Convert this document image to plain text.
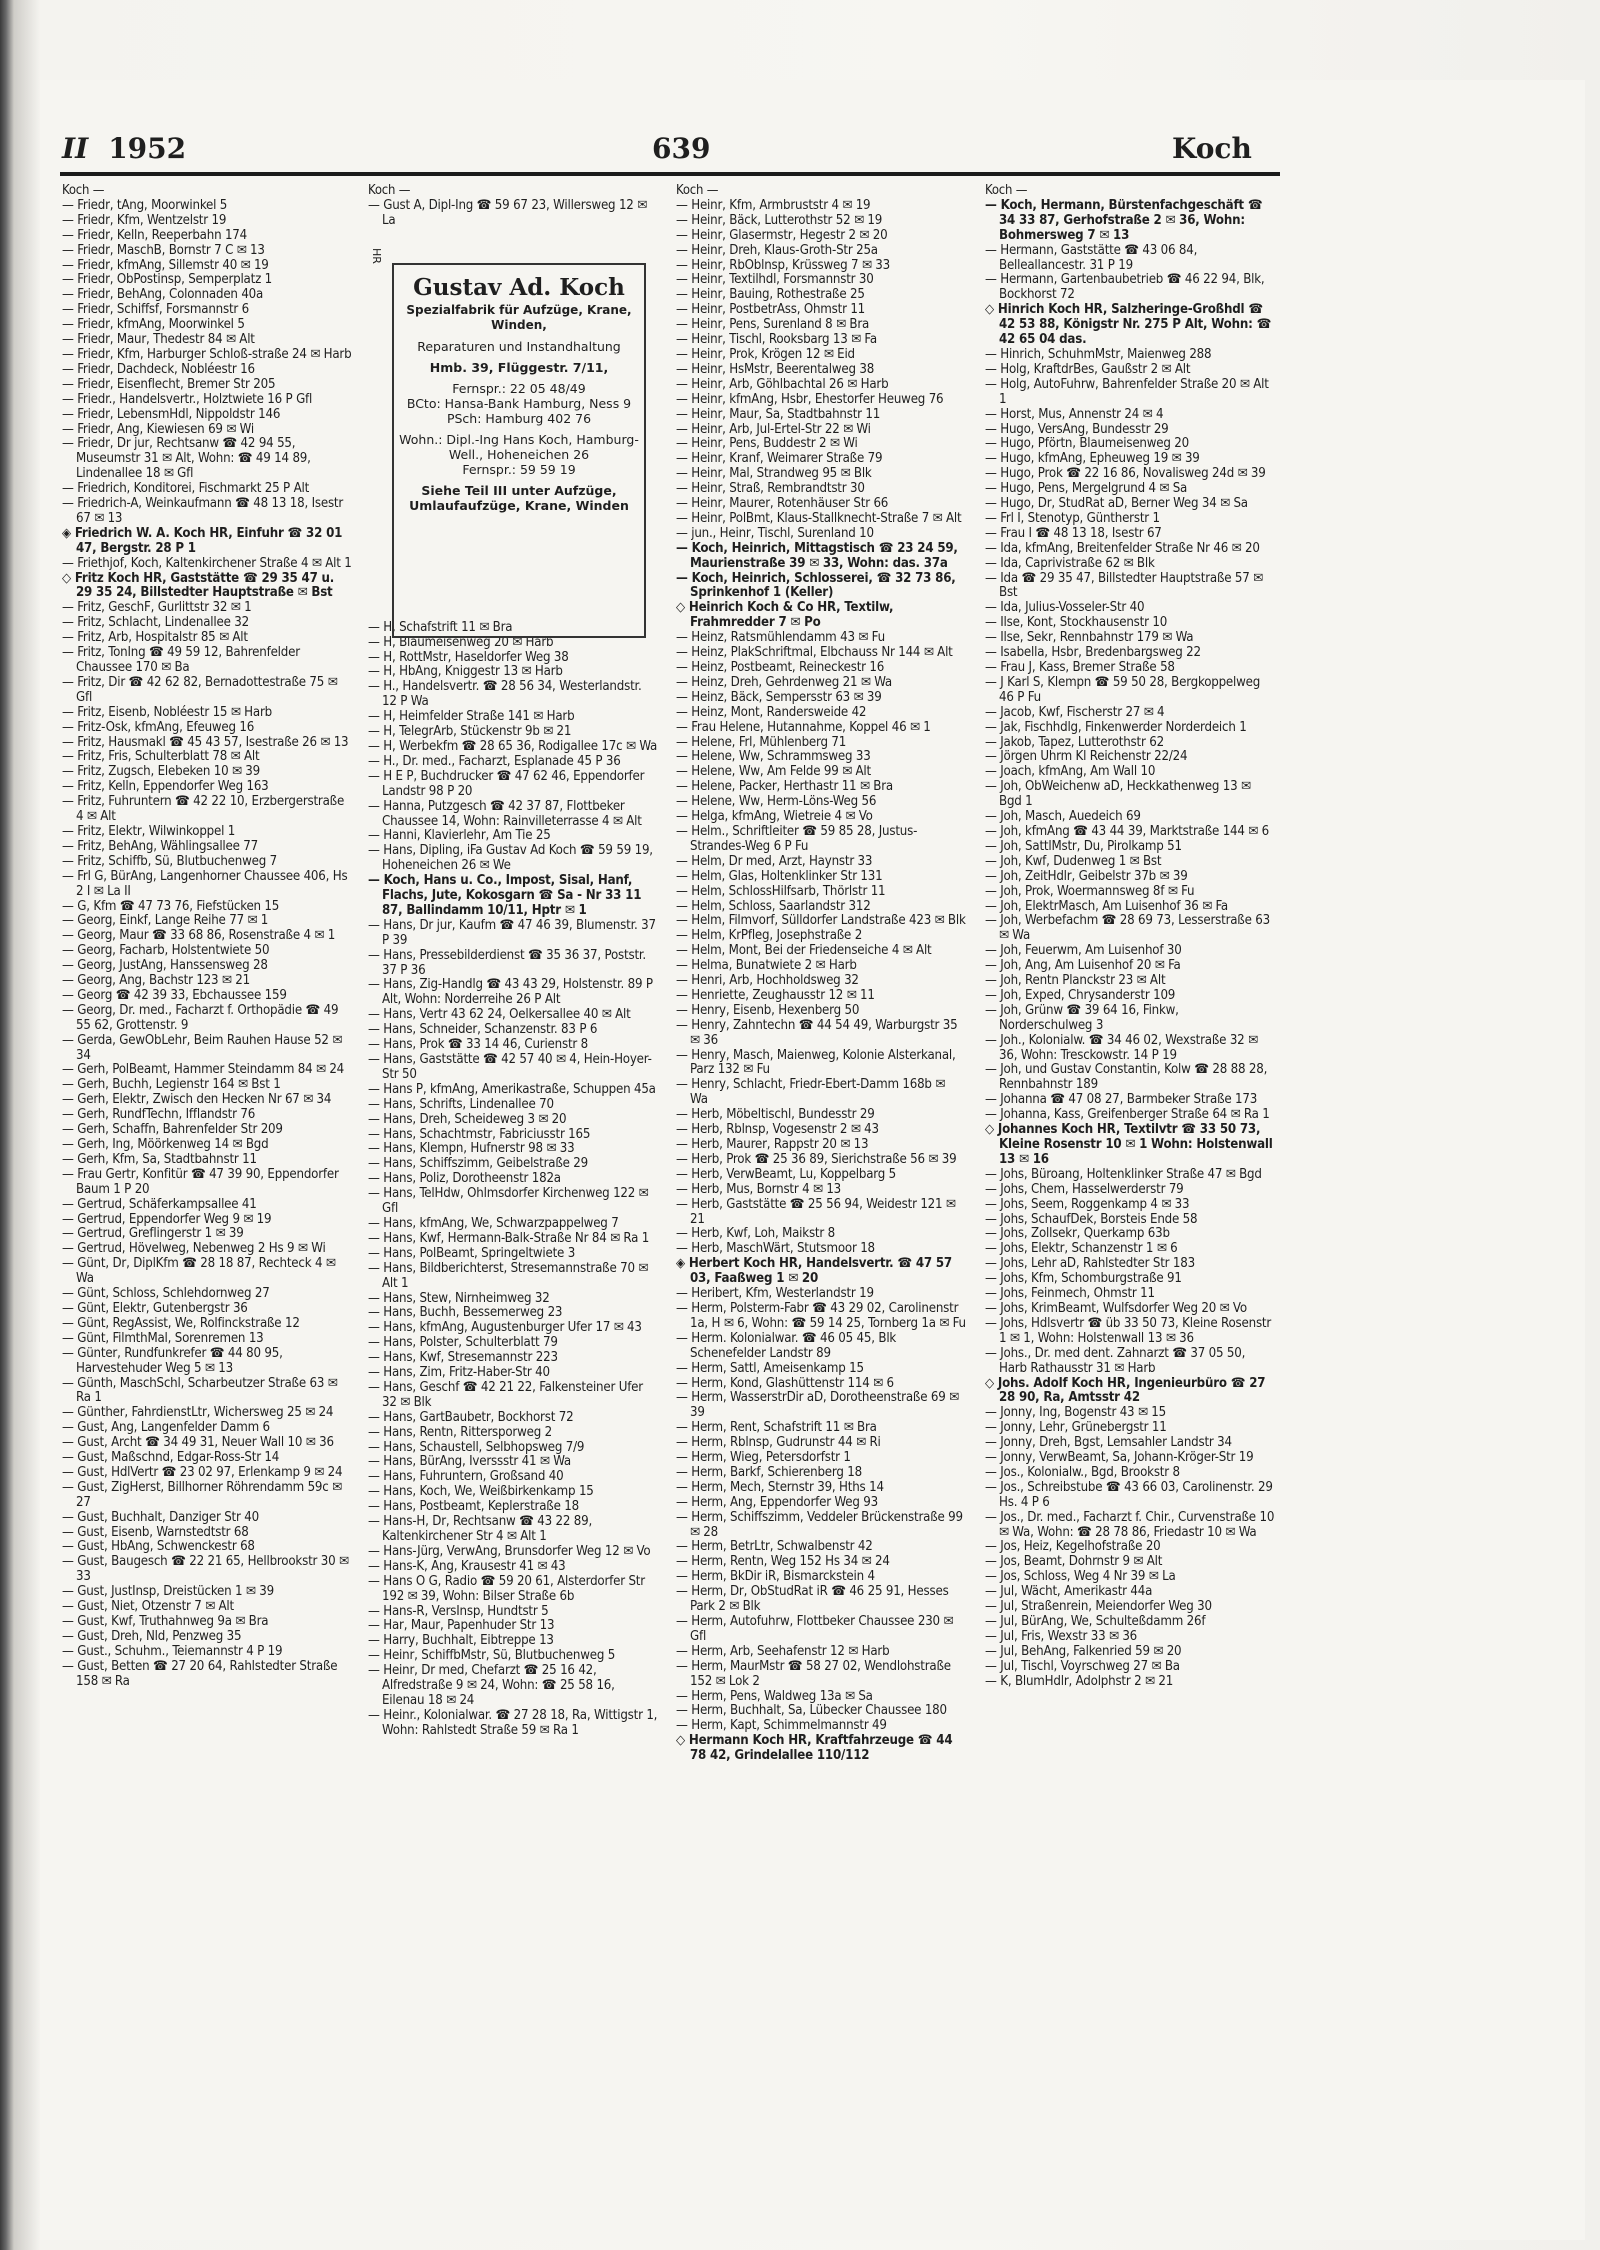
II 1952	639	Koch
Koch —
— Friedr, tAng, Moorwinkel 5
— Friedr, Kfm, Wentzelstr 19
— Friedr, Kelln, Reeperbahn 174
— Friedr, MaschB, Bornstr 7 C ✉ 13
— Friedr, kfmAng, Sillemstr 40 ✉ 19
— Friedr, ObPostinsp, Semperplatz 1
— Friedr, BehAng, Colonnaden 40a
— Friedr, Schiffsf, Forsmannstr 6
— Friedr, kfmAng, Moorwinkel 5
— Friedr, Maur, Thedestr 84 ✉ Alt
— Friedr, Kfm, Harburger Schloß-straße 24 ✉ Harb
— Friedr, Dachdeck, Nobléestr 16
— Friedr, Eisenflecht, Bremer Str 205
— Friedr., Handelsvertr., Holztwiete 16 P Gfl
— Friedr, LebensmHdl, Nippoldstr 146
— Friedr, Ang, Kiewiesen 69 ✉ Wi
— Friedr, Dr jur, Rechtsanw ☎ 42 94 55, Museumstr 31 ✉ Alt, Wohn: ☎ 49 14 89, Lindenallee 18 ✉ Gfl
— Friedrich, Konditorei, Fischmarkt 25 P Alt
— Friedrich-A, Weinkaufmann ☎ 48 13 18, Isestr 67 ✉ 13
◈ Friedrich W. A. Koch HR, Einfuhr ☎ 32 01 47, Bergstr. 28 P 1
— Friethjof, Koch, Kaltenkirchener Straße 4 ✉ Alt 1
◇ Fritz Koch HR, Gaststätte ☎ 29 35 47 u. 29 35 24, Billstedter Hauptstraße ✉ Bst
— Fritz, GeschF, Gurlittstr 32 ✉ 1
— Fritz, Schlacht, Lindenallee 32
— Fritz, Arb, Hospitalstr 85 ✉ Alt
— Fritz, TonIng ☎ 49 59 12, Bahrenfelder Chaussee 170 ✉ Ba
— Fritz, Dir ☎ 42 62 82, Bernadottestraße 75 ✉ Gfl
— Fritz, Eisenb, Nobléestr 15 ✉ Harb
— Fritz-Osk, kfmAng, Efeuweg 16
— Fritz, Hausmakl ☎ 45 43 57, Isestraße 26 ✉ 13
— Fritz, Fris, Schulterblatt 78 ✉ Alt
— Fritz, Zugsch, Elebeken 10 ✉ 39
— Fritz, Kelln, Eppendorfer Weg 163
— Fritz, Fuhruntern ☎ 42 22 10, Erzbergerstraße 4 ✉ Alt
— Fritz, Elektr, Wilwinkoppel 1
— Fritz, BehAng, Wählingsallee 77
— Fritz, Schiffb, Sü, Blutbuchenweg 7
— Frl G, BürAng, Langenhorner Chaussee 406, Hs 2 I ✉ La II
— G, Kfm ☎ 47 73 76, Fiefstücken 15
— Georg, Einkf, Lange Reihe 77 ✉ 1
— Georg, Maur ☎ 33 68 86, Rosenstraße 4 ✉ 1
— Georg, Facharb, Holstentwiete 50
— Georg, JustAng, Hanssensweg 28
— Georg, Ang, Bachstr 123 ✉ 21
— Georg ☎ 42 39 33, Ebchaussee 159
— Georg, Dr. med., Facharzt f. Orthopädie ☎ 49 55 62, Grottenstr. 9
— Gerda, GewObLehr, Beim Rauhen Hause 52 ✉ 34
— Gerh, PolBeamt, Hammer Steindamm 84 ✉ 24
— Gerh, Buchh, Legienstr 164 ✉ Bst 1
— Gerh, Elektr, Zwisch den Hecken Nr 67 ✉ 34
— Gerh, RundfTechn, Ifflandstr 76
— Gerh, Schaffn, Bahrenfelder Str 209
— Gerh, Ing, Möörkenweg 14 ✉ Bgd
— Gerh, Kfm, Sa, Stadtbahnstr 11
— Frau Gertr, Konfitür ☎ 47 39 90, Eppendorfer Baum 1 P 20
— Gertrud, Schäferkampsallee 41
— Gertrud, Eppendorfer Weg 9 ✉ 19
— Gertrud, Greflingerstr 1 ✉ 39
— Gertrud, Hövelweg, Nebenweg 2 Hs 9 ✉ Wi
— Günt, Dr, DiplKfm ☎ 28 18 87, Rechteck 4 ✉ Wa
— Günt, Schloss, Schlehdornweg 27
— Günt, Elektr, Gutenbergstr 36
— Günt, RegAssist, We, Rolfinckstraße 12
— Günt, FilmthMal, Sorenremen 13
— Günter, Rundfunkrefer ☎ 44 80 95, Harvestehuder Weg 5 ✉ 13
— Günth, MaschSchl, Scharbeutzer Straße 63 ✉ Ra 1
— Günther, FahrdienstLtr, Wichersweg 25 ✉ 24
— Gust, Ang, Langenfelder Damm 6
— Gust, Archt ☎ 34 49 31, Neuer Wall 10 ✉ 36
— Gust, Maßschnd, Edgar-Ross-Str 14
— Gust, HdlVertr ☎ 23 02 97, Erlenkamp 9 ✉ 24
— Gust, ZigHerst, Billhorner Röhrendamm 59c ✉ 27
— Gust, Buchhalt, Danziger Str 40
— Gust, Eisenb, Warnstedtstr 68
— Gust, HbAng, Schwenckestr 68
— Gust, Baugesch ☎ 22 21 65, Hellbrookstr 30 ✉ 33
— Gust, JustInsp, Dreistücken 1 ✉ 39
— Gust, Niet, Otzenstr 7 ✉ Alt
— Gust, Kwf, Truthahnweg 9a ✉ Bra
— Gust, Dreh, Nld, Penzweg 35
— Gust., Schuhm., Teiemannstr 4 P 19
— Gust, Betten ☎ 27 20 64, Rahlstedter Straße 158 ✉ Ra
Koch —
— Gust A, Dipl-Ing ☎ 59 67 23, Willersweg 12 ✉ La
— H, Schafstrift 11 ✉ Bra
— H, Blaumeisenweg 20 ✉ Harb
— H, RottMstr, Haseldorfer Weg 38
— H, HbAng, Kniggestr 13 ✉ Harb
— H., Handelsvertr. ☎ 28 56 34, Westerlandstr. 12 P Wa
— H, Heimfelder Straße 141 ✉ Harb
— H, TelegrArb, Stückenstr 9b ✉ 21
— H, Werbekfm ☎ 28 65 36, Rodigallee 17c ✉ Wa
— H., Dr. med., Facharzt, Esplanade 45 P 36
— H E P, Buchdrucker ☎ 47 62 46, Eppendorfer Landstr 98 P 20
— Hanna, Putzgesch ☎ 42 37 87, Flottbeker Chaussee 14, Wohn: Rainvilleterrasse 4 ✉ Alt
— Hanni, Klavierlehr, Am Tie 25
— Hans, Dipling, iFa Gustav Ad Koch ☎ 59 59 19, Hoheneichen 26 ✉ We
— Koch, Hans u. Co., Impost, Sisal, Hanf, Flachs, Jute, Kokosgarn ☎ Sa - Nr 33 11 87, Ballindamm 10/11, Hptr ✉ 1
— Hans, Dr jur, Kaufm ☎ 47 46 39, Blumenstr. 37 P 39
— Hans, Pressebilderdienst ☎ 35 36 37, Poststr. 37 P 36
— Hans, Zig-Handlg ☎ 43 43 29, Holstenstr. 89 P Alt, Wohn: Norderreihe 26 P Alt
— Hans, Vertr 43 62 24, Oelkersallee 40 ✉ Alt
— Hans, Schneider, Schanzenstr. 83 P 6
— Hans, Prok ☎ 33 14 46, Curienstr 8
— Hans, Gaststätte ☎ 42 57 40 ✉ 4, Hein-Hoyer-Str 50
— Hans P, kfmAng, Amerikastraße, Schuppen 45a
— Hans, Schrifts, Lindenallee 70
— Hans, Dreh, Scheideweg 3 ✉ 20
— Hans, Schachtmstr, Fabriciusstr 165
— Hans, Klempn, Hufnerstr 98 ✉ 33
— Hans, Schiffszimm, Geibelstraße 29
— Hans, Poliz, Dorotheenstr 182a
— Hans, TelHdw, Ohlmsdorfer Kirchenweg 122 ✉ Gfl
— Hans, kfmAng, We, Schwarzpappelweg 7
— Hans, Kwf, Hermann-Balk-Straße Nr 84 ✉ Ra 1
— Hans, PolBeamt, Springeltwiete 3
— Hans, Bildberichterst, Stresemannstraße 70 ✉ Alt 1
— Hans, Stew, Nirnheimweg 32
— Hans, Buchh, Bessemerweg 23
— Hans, kfmAng, Augustenburger Ufer 17 ✉ 43
— Hans, Polster, Schulterblatt 79
— Hans, Kwf, Stresemannstr 223
— Hans, Zim, Fritz-Haber-Str 40
— Hans, Geschf ☎ 42 21 22, Falkensteiner Ufer 32 ✉ Blk
— Hans, GartBaubetr, Bockhorst 72
— Hans, Rentn, Rittersporweg 2
— Hans, Schaustell, Selbhopsweg 7/9
— Hans, BürAng, Iverssstr 41 ✉ Wa
— Hans, Fuhruntern, Großsand 40
— Hans, Koch, We, Weißbirkenkamp 15
— Hans, Postbeamt, Keplerstraße 18
— Hans-H, Dr, Rechtsanw ☎ 43 22 89, Kaltenkirchener Str 4 ✉ Alt 1
— Hans-Jürg, VerwAng, Brunsdorfer Weg 12 ✉ Vo
— Hans-K, Ang, Krausestr 41 ✉ 43
— Hans O G, Radio ☎ 59 20 61, Alsterdorfer Str 192 ✉ 39, Wohn: Bilser Straße 6b
— Hans-R, VersInsp, Hundtstr 5
— Har, Maur, Papenhuder Str 13
— Harry, Buchhalt, Eibtreppe 13
— Heinr, SchiffbMstr, Sü, Blutbuchenweg 5
— Heinr, Dr med, Chefarzt ☎ 25 16 42, Alfredstraße 9 ✉ 24, Wohn: ☎ 25 58 16, Eilenau 18 ✉ 24
— Heinr., Kolonialwar. ☎ 27 28 18, Ra, Wittigstr 1, Wohn: Rahlstedt Straße 59 ✉ Ra 1
HR
Gustav Ad. Koch
Spezialfabrik für Aufzüge, Krane, Winden,
Reparaturen und Instandhaltung
Hmb. 39, Flüggestr. 7/11,
Fernspr.: 22 05 48/49
BCto: Hansa-Bank Hamburg, Ness 9
PSch: Hamburg 402 76
Wohn.: Dipl.-Ing Hans Koch, Hamburg-Well., Hoheneichen 26
Fernspr.: 59 59 19
Siehe Teil III unter Aufzüge, Umlaufaufzüge, Krane, Winden
Koch —
— Heinr, Kfm, Armbruststr 4 ✉ 19
— Heinr, Bäck, Lutterothstr 52 ✉ 19
— Heinr, Glasermstr, Hegestr 2 ✉ 20
— Heinr, Dreh, Klaus-Groth-Str 25a
— Heinr, RbOblnsp, Krüssweg 7 ✉ 33
— Heinr, Textilhdl, Forsmannstr 30
— Heinr, Bauing, Rothestraße 25
— Heinr, PostbetrAss, Ohmstr 11
— Heinr, Pens, Surenland 8 ✉ Bra
— Heinr, Tischl, Rooksbarg 13 ✉ Fa
— Heinr, Prok, Krögen 12 ✉ Eid
— Heinr, HsMstr, Beerentalweg 38
— Heinr, Arb, Göhlbachtal 26 ✉ Harb
— Heinr, kfmAng, Hsbr, Ehestorfer Heuweg 76
— Heinr, Maur, Sa, Stadtbahnstr 11
— Heinr, Arb, Jul-Ertel-Str 22 ✉ Wi
— Heinr, Pens, Buddestr 2 ✉ Wi
— Heinr, Kranf, Weimarer Straße 79
— Heinr, Mal, Strandweg 95 ✉ Blk
— Heinr, Straß, Rembrandtstr 30
— Heinr, Maurer, Rotenhäuser Str 66
— Heinr, PolBmt, Klaus-Stallknecht-Straße 7 ✉ Alt
— jun., Heinr, Tischl, Surenland 10
— Koch, Heinrich, Mittagstisch ☎ 23 24 59, Maurienstraße 39 ✉ 33, Wohn: das. 37a
— Koch, Heinrich, Schlosserei, ☎ 32 73 86, Sprinkenhof 1 (Keller)
◇ Heinrich Koch & Co HR, Textilw, Frahmredder 7 ✉ Po
— Heinz, Ratsmühlendamm 43 ✉ Fu
— Heinz, PlakSchriftmal, Elbchauss Nr 144 ✉ Alt
— Heinz, Postbeamt, Reineckestr 16
— Heinz, Dreh, Gehrdenweg 21 ✉ Wa
— Heinz, Bäck, Sempersstr 63 ✉ 39
— Heinz, Mont, Randersweide 42
— Frau Helene, Hutannahme, Koppel 46 ✉ 1
— Helene, Frl, Mühlenberg 71
— Helene, Ww, Schrammsweg 33
— Helene, Ww, Am Felde 99 ✉ Alt
— Helene, Packer, Herthastr 11 ✉ Bra
— Helene, Ww, Herm-Löns-Weg 56
— Helga, kfmAng, Wietreie 4 ✉ Vo
— Helm., Schriftleiter ☎ 59 85 28, Justus-Strandes-Weg 6 P Fu
— Helm, Dr med, Arzt, Haynstr 33
— Helm, Glas, Holtenklinker Str 131
— Helm, SchlossHilfsarb, Thörlstr 11
— Helm, Schloss, Saarlandstr 312
— Helm, Filmvorf, Sülldorfer Landstraße 423 ✉ Blk
— Helm, KrPfleg, Josephstraße 2
— Helm, Mont, Bei der Friedenseiche 4 ✉ Alt
— Helma, Bunatwiete 2 ✉ Harb
— Henri, Arb, Hochholdsweg 32
— Henriette, Zeughausstr 12 ✉ 11
— Henry, Eisenb, Hexenberg 50
— Henry, Zahntechn ☎ 44 54 49, Warburgstr 35 ✉ 36
— Henry, Masch, Maienweg, Kolonie Alsterkanal, Parz 132 ✉ Fu
— Henry, Schlacht, Friedr-Ebert-Damm 168b ✉ Wa
— Herb, Möbeltischl, Bundesstr 29
— Herb, Rblnsp, Vogesenstr 2 ✉ 43
— Herb, Maurer, Rappstr 20 ✉ 13
— Herb, Prok ☎ 25 36 89, Sierichstraße 56 ✉ 39
— Herb, VerwBeamt, Lu, Koppelbarg 5
— Herb, Mus, Bornstr 4 ✉ 13
— Herb, Gaststätte ☎ 25 56 94, Weidestr 121 ✉ 21
— Herb, Kwf, Loh, Maikstr 8
— Herb, MaschWärt, Stutsmoor 18
◈ Herbert Koch HR, Handelsvertr. ☎ 47 57 03, Faaßweg 1 ✉ 20
— Heribert, Kfm, Westerlandstr 19
— Herm, Polsterm-Fabr ☎ 43 29 02, Carolinenstr 1a, H ✉ 6, Wohn: ☎ 59 14 25, Tornberg 1a ✉ Fu
— Herm. Kolonialwar. ☎ 46 05 45, Blk Schenefelder Landstr 89
— Herm, Sattl, Ameisenkamp 15
— Herm, Kond, Glashüttenstr 114 ✉ 6
— Herm, WasserstrDir aD, Dorotheenstraße 69 ✉ 39
— Herm, Rent, Schafstrift 11 ✉ Bra
— Herm, Rblnsp, Gudrunstr 44 ✉ Ri
— Herm, Wieg, Petersdorfstr 1
— Herm, Barkf, Schierenberg 18
— Herm, Mech, Sternstr 39, Hths 14
— Herm, Ang, Eppendorfer Weg 93
— Herm, Schiffszimm, Veddeler Brückenstraße 99 ✉ 28
— Herm, BetrLtr, Schwalbenstr 42
— Herm, Rentn, Weg 152 Hs 34 ✉ 24
— Herm, BkDir iR, Bismarckstein 4
— Herm, Dr, ObStudRat iR ☎ 46 25 91, Hesses Park 2 ✉ Blk
— Herm, Autofuhrw, Flottbeker Chaussee 230 ✉ Gfl
— Herm, Arb, Seehafenstr 12 ✉ Harb
— Herm, MaurMstr ☎ 58 27 02, Wendlohstraße 152 ✉ Lok 2
— Herm, Pens, Waldweg 13a ✉ Sa
— Herm, Buchhalt, Sa, Lübecker Chaussee 180
— Herm, Kapt, Schimmelmannstr 49
◇ Hermann Koch HR, Kraftfahrzeuge ☎ 44 78 42, Grindelallee 110/112
Koch —
— Koch, Hermann, Bürstenfachgeschäft ☎ 34 33 87, Gerhofstraße 2 ✉ 36, Wohn: Bohmersweg 7 ✉ 13
— Hermann, Gaststätte ☎ 43 06 84, Belleallancestr. 31 P 19
— Hermann, Gartenbaubetrieb ☎ 46 22 94, Blk, Bockhorst 72
◇ Hinrich Koch HR, Salzheringe-Großhdl ☎ 42 53 88, Königstr Nr. 275 P Alt, Wohn: ☎ 42 65 04 das.
— Hinrich, SchuhmMstr, Maienweg 288
— Holg, KraftdrBes, Gaußstr 2 ✉ Alt
— Holg, AutoFuhrw, Bahrenfelder Straße 20 ✉ Alt 1
— Horst, Mus, Annenstr 24 ✉ 4
— Hugo, VersAng, Bundesstr 29
— Hugo, Pförtn, Blaumeisenweg 20
— Hugo, kfmAng, Epheuweg 19 ✉ 39
— Hugo, Prok ☎ 22 16 86, Novalisweg 24d ✉ 39
— Hugo, Pens, Mergelgrund 4 ✉ Sa
— Hugo, Dr, StudRat aD, Berner Weg 34 ✉ Sa
— Frl I, Stenotyp, Güntherstr 1
— Frau I ☎ 48 13 18, Isestr 67
— Ida, kfmAng, Breitenfelder Straße Nr 46 ✉ 20
— Ida, Caprivistraße 62 ✉ Blk
— Ida ☎ 29 35 47, Billstedter Hauptstraße 57 ✉ Bst
— Ida, Julius-Vosseler-Str 40
— Ilse, Kont, Stockhausenstr 10
— Ilse, Sekr, Rennbahnstr 179 ✉ Wa
— Isabella, Hsbr, Bredenbargsweg 22
— Frau J, Kass, Bremer Straße 58
— J Karl S, Klempn ☎ 59 50 28, Bergkoppelweg 46 P Fu
— Jacob, Kwf, Fischerstr 27 ✉ 4
— Jak, Fischhdlg, Finkenwerder Norderdeich 1
— Jakob, Tapez, Lutterothstr 62
— Jörgen Uhrm Kl Reichenstr 22/24
— Joach, kfmAng, Am Wall 10
— Joh, ObWeichenw aD, Heckkathenweg 13 ✉ Bgd 1
— Joh, Masch, Auedeich 69
— Joh, kfmAng ☎ 43 44 39, Marktstraße 144 ✉ 6
— Joh, SattlMstr, Du, Pirolkamp 51
— Joh, Kwf, Dudenweg 1 ✉ Bst
— Joh, ZeitHdlr, Geibelstr 37b ✉ 39
— Joh, Prok, Woermannsweg 8f ✉ Fu
— Joh, ElektrMasch, Am Luisenhof 36 ✉ Fa
— Joh, Werbefachm ☎ 28 69 73, Lesserstraße 63 ✉ Wa
— Joh, Feuerwm, Am Luisenhof 30
— Joh, Ang, Am Luisenhof 20 ✉ Fa
— Joh, Rentn Planckstr 23 ✉ Alt
— Joh, Exped, Chrysanderstr 109
— Joh, Grünw ☎ 39 64 16, Finkw, Norderschulweg 3
— Joh., Kolonialw. ☎ 34 46 02, Wexstraße 32 ✉ 36, Wohn: Tresckowstr. 14 P 19
— Joh, und Gustav Constantin, Kolw ☎ 28 88 28, Rennbahnstr 189
— Johanna ☎ 47 08 27, Barmbeker Straße 173
— Johanna, Kass, Greifenberger Straße 64 ✉ Ra 1
◇ Johannes Koch HR, Textilvtr ☎ 33 50 73, Kleine Rosenstr 10 ✉ 1 Wohn: Holstenwall 13 ✉ 16
— Johs, Büroang, Holtenklinker Straße 47 ✉ Bgd
— Johs, Chem, Hasselwerderstr 79
— Johs, Seem, Roggenkamp 4 ✉ 33
— Johs, SchaufDek, Borsteis Ende 58
— Johs, Zollsekr, Querkamp 63b
— Johs, Elektr, Schanzenstr 1 ✉ 6
— Johs, Lehr aD, Rahlstedter Str 183
— Johs, Kfm, Schomburgstraße 91
— Johs, Feinmech, Ohmstr 11
— Johs, KrimBeamt, Wulfsdorfer Weg 20 ✉ Vo
— Johs, Hdlsvertr ☎ üb 33 50 73, Kleine Rosenstr 1 ✉ 1, Wohn: Holstenwall 13 ✉ 36
— Johs., Dr. med dent. Zahnarzt ☎ 37 05 50, Harb Rathausstr 31 ✉ Harb
◇ Johs. Adolf Koch HR, Ingenieurbüro ☎ 27 28 90, Ra, Amtsstr 42
— Jonny, Ing, Bogenstr 43 ✉ 15
— Jonny, Lehr, Grünebergstr 11
— Jonny, Dreh, Bgst, Lemsahler Landstr 34
— Jonny, VerwBeamt, Sa, Johann-Kröger-Str 19
— Jos., Kolonialw., Bgd, Brookstr 8
— Jos., Schreibstube ☎ 43 66 03, Carolinenstr. 29 Hs. 4 P 6
— Jos., Dr. med., Facharzt f. Chir., Curvenstraße 10 ✉ Wa, Wohn: ☎ 28 78 86, Friedastr 10 ✉ Wa
— Jos, Heiz, Kegelhofstraße 20
— Jos, Beamt, Dohrnstr 9 ✉ Alt
— Jos, Schloss, Weg 4 Nr 39 ✉ La
— Jul, Wächt, Amerikastr 44a
— Jul, Straßenrein, Meiendorfer Weg 30
— Jul, BürAng, We, Schulteßdamm 26f
— Jul, Fris, Wexstr 33 ✉ 36
— Jul, BehAng, Falkenried 59 ✉ 20
— Jul, Tischl, Voyrschweg 27 ✉ Ba
— K, BlumHdlr, Adolphstr 2 ✉ 21
